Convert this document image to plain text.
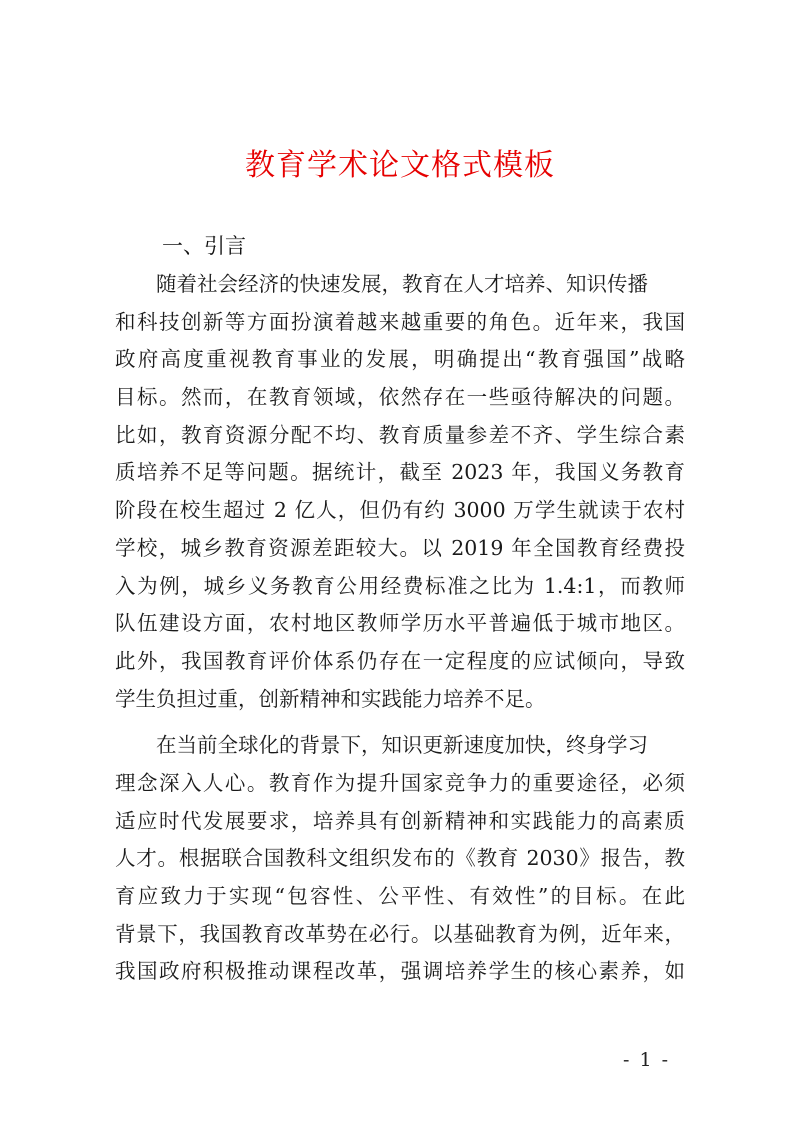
教育学术论文格式模板
一、引言
随着社会经济的快速发展，教育在人才培养、知识传播
和科技创新等方面扮演着越来越重要的角色。近年来，我国
政府高度重视教育事业的发展，明确提出“教育强国”战略
目标。然而，在教育领域，依然存在一些亟待解决的问题。
比如，教育资源分配不均、教育质量参差不齐、学生综合素
质培养不足等问题。据统计，截至 2023 年，我国义务教育
阶段在校生超过 2 亿人，但仍有约 3000 万学生就读于农村
学校，城乡教育资源差距较大。以 2019 年全国教育经费投
入为例，城乡义务教育公用经费标准之比为 1.4:1，而教师
队伍建设方面，农村地区教师学历水平普遍低于城市地区。
此外，我国教育评价体系仍存在一定程度的应试倾向，导致
学生负担过重，创新精神和实践能力培养不足。
在当前全球化的背景下，知识更新速度加快，终身学习
理念深入人心。教育作为提升国家竞争力的重要途径，必须
适应时代发展要求，培养具有创新精神和实践能力的高素质
人才。根据联合国教科文组织发布的《教育 2030》报告，教
育应致力于实现“包容性、公平性、有效性”的目标。在此
背景下，我国教育改革势在必行。以基础教育为例，近年来，
我国政府积极推动课程改革，强调培养学生的核心素养，如
- 1 -
